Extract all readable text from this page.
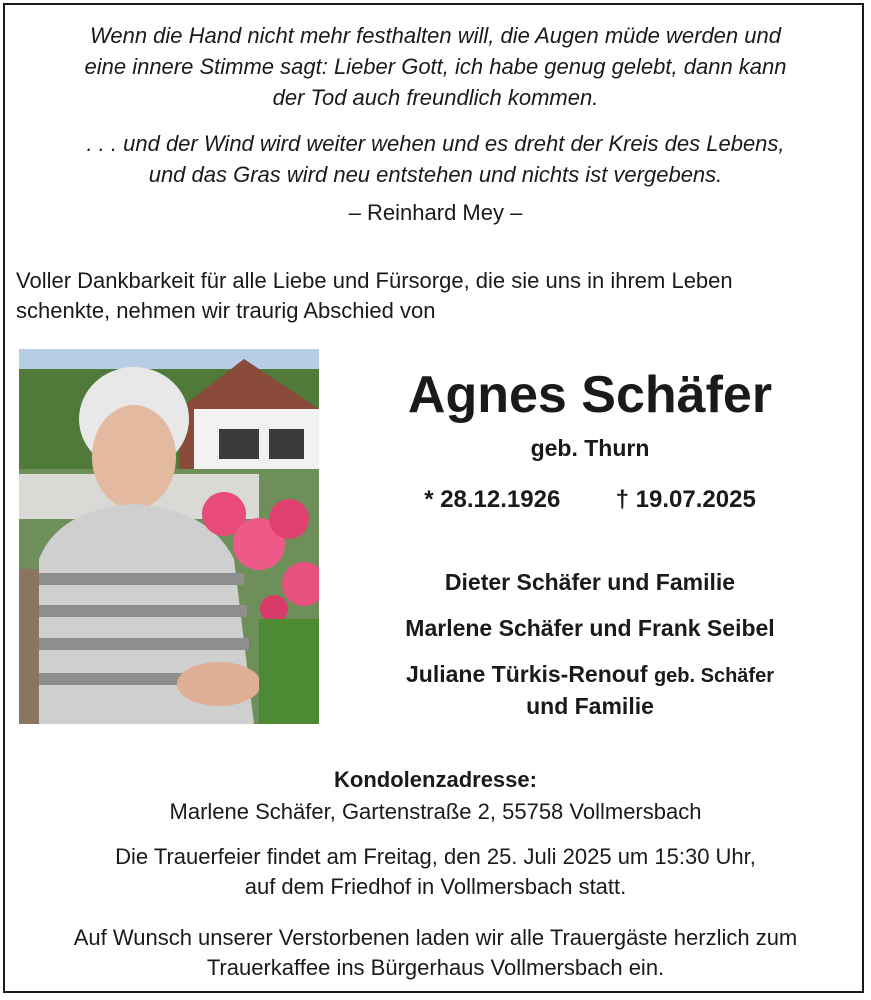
Wenn die Hand nicht mehr festhalten will, die Augen müde werden und
eine innere Stimme sagt: Lieber Gott, ich habe genug gelebt, dann kann
der Tod auch freundlich kommen.
. . . und der Wind wird weiter wehen und es dreht der Kreis des Lebens,
und das Gras wird neu entstehen und nichts ist vergebens.
– Reinhard Mey –
Voller Dankbarkeit für alle Liebe und Fürsorge, die sie uns in ihrem Leben
schenkte, nehmen wir traurig Abschied von
Agnes Schäfer
geb. Thurn
* 28.12.1926 † 19.07.2025
Dieter Schäfer und Familie
Marlene Schäfer und Frank Seibel
Juliane Türkis-Renouf geb. Schäfer
und Familie
Kondolenzadresse:
Marlene Schäfer, Gartenstraße 2, 55758 Vollmersbach
Die Trauerfeier findet am Freitag, den 25. Juli 2025 um 15:30 Uhr,
auf dem Friedhof in Vollmersbach statt.
Auf Wunsch unserer Verstorbenen laden wir alle Trauergäste herzlich zum
Trauerkaffee ins Bürgerhaus Vollmersbach ein.
